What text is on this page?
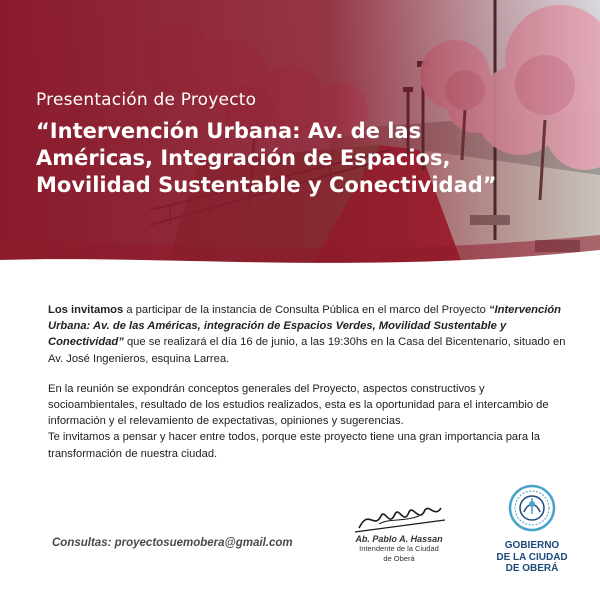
Presentación de Proyecto

“Intervención Urbana: Av. de las
Américas, Integración de Espacios,
Movilidad Sustentable y Conectividad”

Los invitamos a participar de la instancia de Consulta Pública en el marco del Proyecto “Intervención Urbana: Av. de las Américas, integración de Espacios Verdes, Movilidad Sustentable y Conectividad” que se realizará el día 16 de junio, a las 19:30hs en la Casa del Bicentenario, situado en Av. José Ingenieros, esquina Larrea.

En la reunión se expondrán conceptos generales del Proyecto, aspectos constructivos y socioambientales, resultado de los estudios realizados, esta es la oportunidad para el intercambio de información y el relevamiento de expectativas, opiniones y sugerencias.

Te invitamos a pensar y hacer entre todos, porque este proyecto tiene una gran importancia para la transformación de nuestra ciudad.

Consultas: proyectosuemobera@gmail.com	Ab. Pablo A. Hassan
Intendente de la Ciudad de Oberá
GOBIERNO
DE LA CIUDAD
DE OBERÁ
